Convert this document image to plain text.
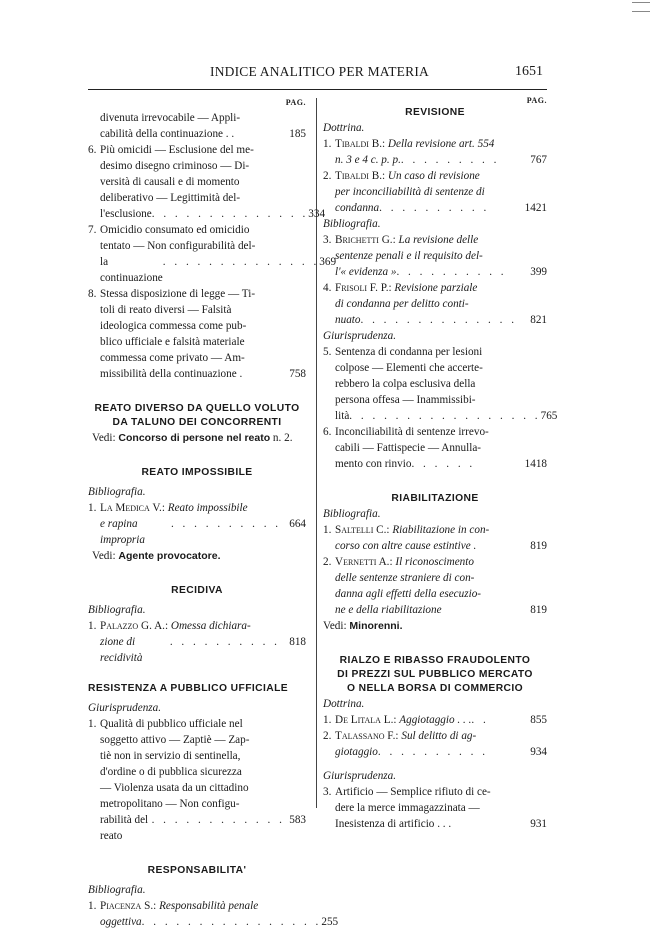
INDICE ANALITICO PER MATERIA	1651
PAG.
divenuta irrevocabile — Appli-
cabilità della continuazione . .	185
6. Più omicidi — Esclusione del me-
desimo disegno criminoso — Di-
versità di causali e di momento
deliberativo — Legittimità del-
l'esclusione . . . . . . . . . . . . . . 334
7. Omicidio consumato ed omicidio
tentato — Non configurabilità del-
la continuazione
. . . . . . . . . . . . . . 369
8. Stessa disposizione di legge — Ti-
toli di reato diversi — Falsità
ideologica commessa come pub-
blico ufficiale e falsità materiale
commessa come privato — Am-
missibilità della continuazione .	758
REATO DIVERSO DA QUELLO VOLUTO
DA TALUNO DEI CONCORRENTI
Vedi: Concorso di persone nel reato n. 2.
REATO IMPOSSIBILE
Bibliografia.
1. La Medica V.: Reato impossibile
e rapina impropria
. . . . . . . . . . 664
Vedi: Agente provocatore.
RECIDIVA
Bibliografia.
1. Palazzo G. A.: Omessa dichiara-
zione di recidività
. . . . . . . . . . 818
RESISTENZA A PUBBLICO UFFICIALE
Giurisprudenza.
1. Qualità di pubblico ufficiale nel
soggetto attivo — Zaptiè — Zap-
tiè non in servizio di sentinella,
d'ordine o di pubblica sicurezza
— Violenza usata da un cittadino
metropolitano — Non configu-
rabilità del reato
. . . . . . . . . . . . 583
RESPONSABILITA'
Bibliografia.
1. Piacenza S.: Responsabilità penale
oggettiva . . . . . . . . . . . . . . . . 255
PAG.
REVISIONE
Dottrina.
1. Tibaldi B.: Della revisione art. 554
n. 3 e 4 c. p. p. . . . . . . . . .	767
2. Tibaldi B.: Un caso di revisione
per inconciliabilità di sentenze di
condanna . . . . . . . . . .	1421
Bibliografia.
3. Brichetti G.: La revisione delle
sentenze penali e il requisito del-
l'« evidenza » . . . . . . . . . .	399
4. Frisoli F. P.: Revisione parziale
di condanna per delitto conti-
nuato . . . . . . . . . . . . . .	821
Giurisprudenza.
5. Sentenza di condanna per lesioni
colpose — Elementi che accerte-
rebbero la colpa esclusiva della
persona offesa — Inammissibi-
lità . . . . . . . . . . . . . . . . . 765
6. Inconciliabilità di sentenze irrevo-
cabili — Fattispecie — Annulla-
mento con rinvio . . . . . .	1418
RIABILITAZIONE
Bibliografia.
1. Saltelli C.: Riabilitazione in con-
corso con altre cause estintive .	819
2. Vernetti A.: Il riconoscimento
delle sentenze straniere di con-
danna agli effetti della esecuzio-
ne e della riabilitazione	819
Vedi: Minorenni.
RIALZO E RIBASSO FRAUDOLENTO
DI PREZZI SUL PUBBLICO MERCATO
O NELLA BORSA DI COMMERCIO
Dottrina.
1. De Litala L.: Aggiotaggio . . . . .	855
2. Talassano F.: Sul delitto di ag-
giotaggio . . . . . . . . . .	934
Giurisprudenza.
3. Artificio — Semplice rifiuto di ce-
dere la merce immagazzinata —
Inesistenza di artificio . . .	931
